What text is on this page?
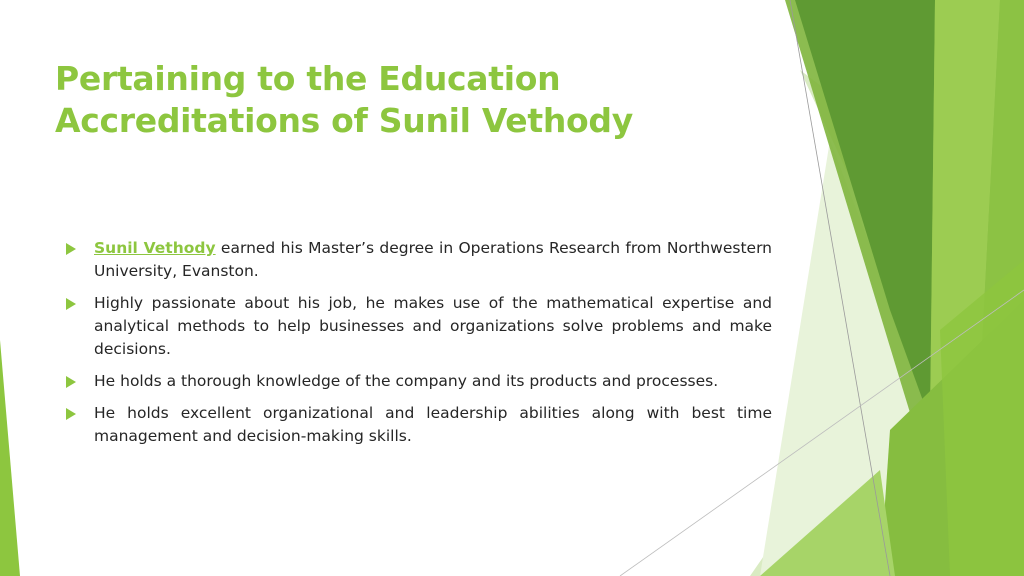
Pertaining to the Education
Accreditations of Sunil Vethody
Sunil Vethody earned his Master’s degree in Operations Research from Northwestern University, Evanston.
Highly passionate about his job, he makes use of the mathematical expertise and analytical methods to help businesses and organizations solve problems and make decisions.
He holds a thorough knowledge of the company and its products and processes.
He holds excellent organizational and leadership abilities along with best time management and decision-making skills.
